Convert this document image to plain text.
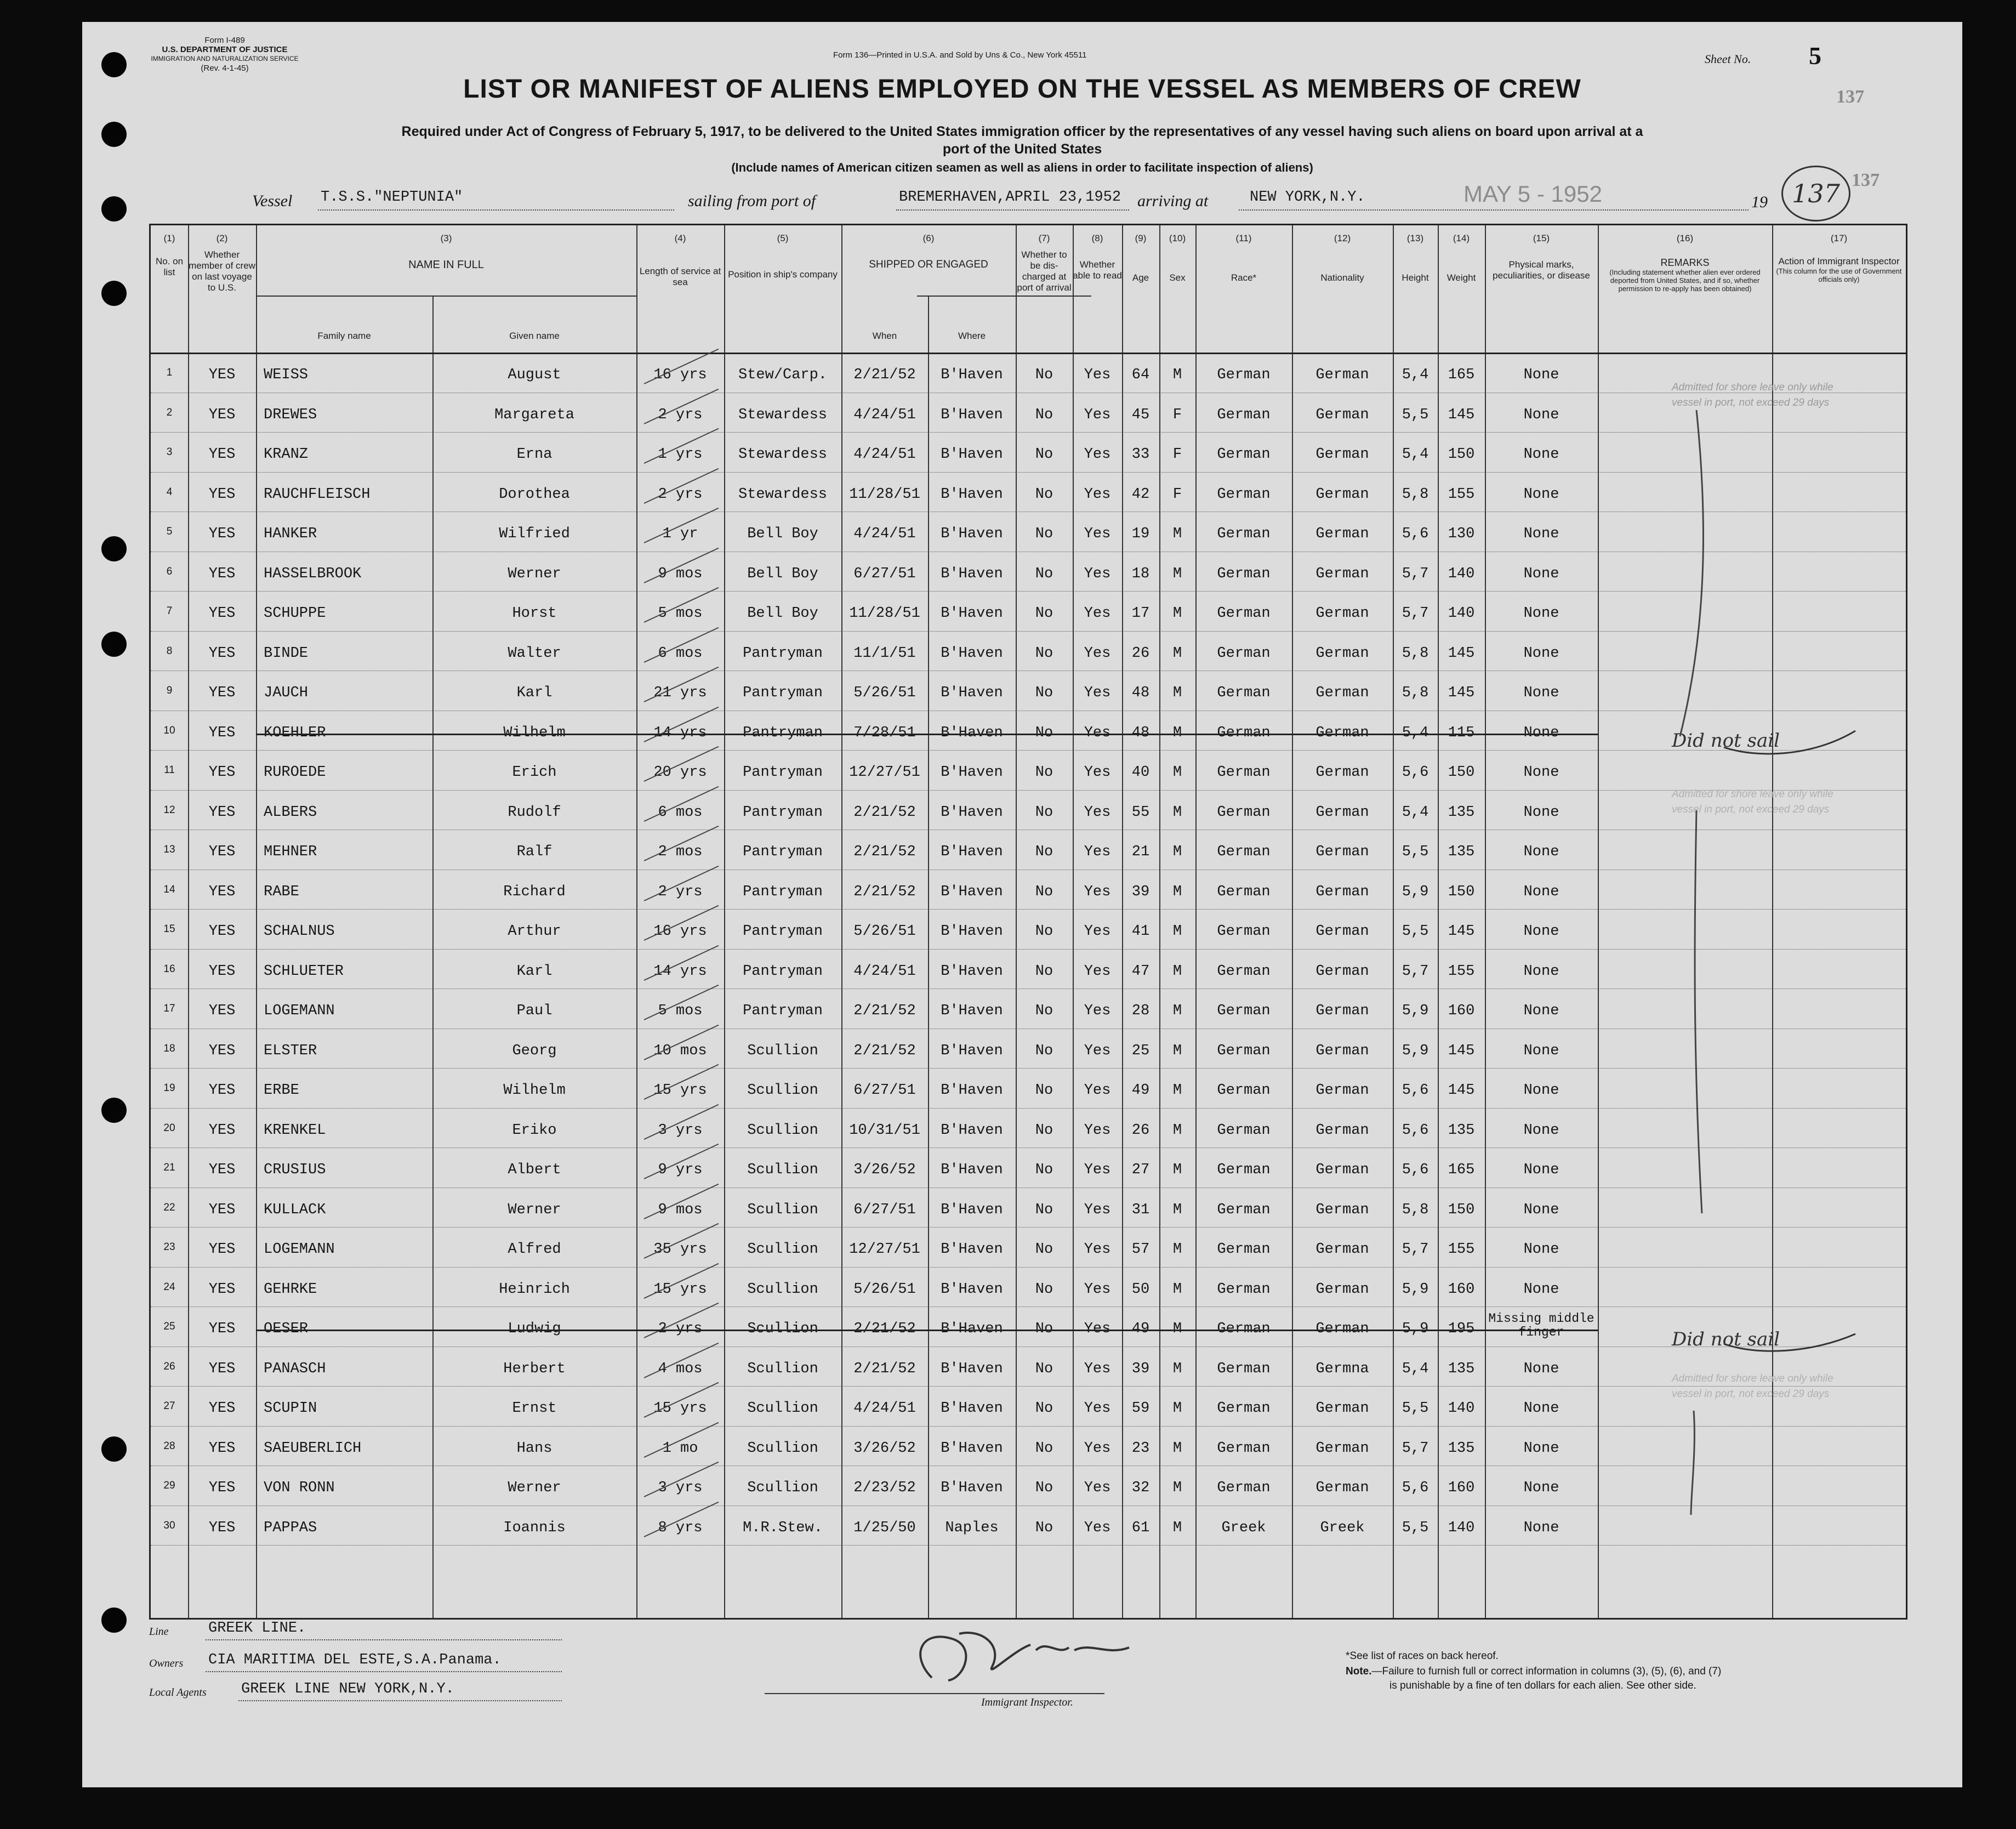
Form I-489
U.S. DEPARTMENT OF JUSTICE
IMMIGRATION AND NATURALIZATION SERVICE
(Rev. 4-1-45)
Form 136—Printed in U.S.A. and Sold by Uns & Co., New York 45511	Sheet No. 5
137
LIST OR MANIFEST OF ALIENS EMPLOYED ON THE VESSEL AS MEMBERS OF CREW
Required under Act of Congress of February 5, 1917, to be delivered to the United States immigration officer by the representatives of any vessel having such aliens on board upon arrival at a
port of the United States
(Include names of American citizen seamen as well as aliens in order to facilitate inspection of aliens)
Vessel T.S.S."NEPTUNIA"	sailing from port of	BREMERHAVEN,APRIL 23,1952 arriving at	NEW YORK,N.Y.	MAY 5 - 1952	19 137 137
(1)
No. on list
(2)
Whether member of crew on last voyage to U.S.
(3)
NAME IN FULL
Family name	Given name
(4)
Length of service at sea
(5)
Position in ship's company
(6)
SHIPPED OR ENGAGED
When	Where
(7)
Whether to be dis-charged at port of arrival
(8)
Whether able to read
(9)
Age
(10)
Sex
(11)
Race*
(12)
Nationality
(13)
Height
(14)
Weight
(15)
Physical marks, peculiarities, or disease
(16)
REMARKS
(Including statement whether alien ever ordered deported from United States, and if so, whether permission to re-apply has been obtained)
(17)
Action of Immigrant Inspector
(This column for the use of Government officials only)
1	YES	WEISS	August	16 yrs	Stew/Carp.	2/21/52	B'Haven	No	Yes	64	M	German	German	5,4	165	None
2	YES	DREWES	Margareta	2 yrs	Stewardess	4/24/51	B'Haven	No	Yes	45	F	German	German	5,5	145	None
3	YES	KRANZ	Erna	1 yrs	Stewardess	4/24/51	B'Haven	No	Yes	33	F	German	German	5,4	150	None
4	YES	RAUCHFLEISCH	Dorothea	2 yrs	Stewardess	11/28/51	B'Haven	No	Yes	42	F	German	German	5,8	155	None
5	YES	HANKER	Wilfried	1 yr	Bell Boy	4/24/51	B'Haven	No	Yes	19	M	German	German	5,6	130	None
6	YES	HASSELBROOK	Werner	9 mos	Bell Boy	6/27/51	B'Haven	No	Yes	18	M	German	German	5,7	140	None
7	YES	SCHUPPE	Horst	5 mos	Bell Boy	11/28/51	B'Haven	No	Yes	17	M	German	German	5,7	140	None
8	YES	BINDE	Walter	6 mos	Pantryman	11/1/51	B'Haven	No	Yes	26	M	German	German	5,8	145	None
9	YES	JAUCH	Karl	21 yrs	Pantryman	5/26/51	B'Haven	No	Yes	48	M	German	German	5,8	145	None
10	YES	KOEHLER	Wilhelm	14 yrs	Pantryman	7/28/51	B'Haven	No	Yes	48	M	German	German	5,4	115	None
11	YES	RUROEDE	Erich	20 yrs	Pantryman	12/27/51	B'Haven	No	Yes	40	M	German	German	5,6	150	None
12	YES	ALBERS	Rudolf	6 mos	Pantryman	2/21/52	B'Haven	No	Yes	55	M	German	German	5,4	135	None
13	YES	MEHNER	Ralf	2 mos	Pantryman	2/21/52	B'Haven	No	Yes	21	M	German	German	5,5	135	None
14	YES	RABE	Richard	2 yrs	Pantryman	2/21/52	B'Haven	No	Yes	39	M	German	German	5,9	150	None
15	YES	SCHALNUS	Arthur	16 yrs	Pantryman	5/26/51	B'Haven	No	Yes	41	M	German	German	5,5	145	None
16	YES	SCHLUETER	Karl	14 yrs	Pantryman	4/24/51	B'Haven	No	Yes	47	M	German	German	5,7	155	None
17	YES	LOGEMANN	Paul	5 mos	Pantryman	2/21/52	B'Haven	No	Yes	28	M	German	German	5,9	160	None
18	YES	ELSTER	Georg	10 mos	Scullion	2/21/52	B'Haven	No	Yes	25	M	German	German	5,9	145	None
19	YES	ERBE	Wilhelm	15 yrs	Scullion	6/27/51	B'Haven	No	Yes	49	M	German	German	5,6	145	None
20	YES	KRENKEL	Eriko	3 yrs	Scullion	10/31/51	B'Haven	No	Yes	26	M	German	German	5,6	135	None
21	YES	CRUSIUS	Albert	9 yrs	Scullion	3/26/52	B'Haven	No	Yes	27	M	German	German	5,6	165	None
22	YES	KULLACK	Werner	9 mos	Scullion	6/27/51	B'Haven	No	Yes	31	M	German	German	5,8	150	None
23	YES	LOGEMANN	Alfred	35 yrs	Scullion	12/27/51	B'Haven	No	Yes	57	M	German	German	5,7	155	None
24	YES	GEHRKE	Heinrich	15 yrs	Scullion	5/26/51	B'Haven	No	Yes	50	M	German	German	5,9	160	None
25	YES	OESER	Ludwig	2 yrs	Scullion	2/21/52	B'Haven	No	Yes	49	M	German	German	5,9	195
Missing middle finger
26	YES	PANASCH	Herbert	4 mos	Scullion	2/21/52	B'Haven	No	Yes	39	M	German	Germna	5,4	135	None
27	YES	SCUPIN	Ernst	15 yrs	Scullion	4/24/51	B'Haven	No	Yes	59	M	German	German	5,5	140	None
28	YES	SAEUBERLICH	Hans	1 mo	Scullion	3/26/52	B'Haven	No	Yes	23	M	German	German	5,7	135	None
29	YES	VON RONN	Werner	3 yrs	Scullion	2/23/52	B'Haven	No	Yes	32	M	German	German	5,6	160	None
30	YES	PAPPAS	Ioannis	8 yrs	M.R.Stew.	1/25/50	Naples	No	Yes	61	M	Greek	Greek	5,5	140	None
Admitted for shore leave only while vessel in port, not exceed 29 days
Did not sail
Did not sail
Admitted for shore leave only while vessel in port, not exceed 29 days
Admitted for shore leave only while vessel in port, not exceed 29 days
Line	GREEK LINE.
Owners CIA MARITIMA DEL ESTE,S.A.Panama.
Local Agents GREEK LINE NEW YORK,N.Y.
Immigrant Inspector.
*See list of races on back hereof.
Note.—Failure to furnish full or correct information in columns (3), (5), (6), and (7)
is punishable by a fine of ten dollars for each alien. See other side.
